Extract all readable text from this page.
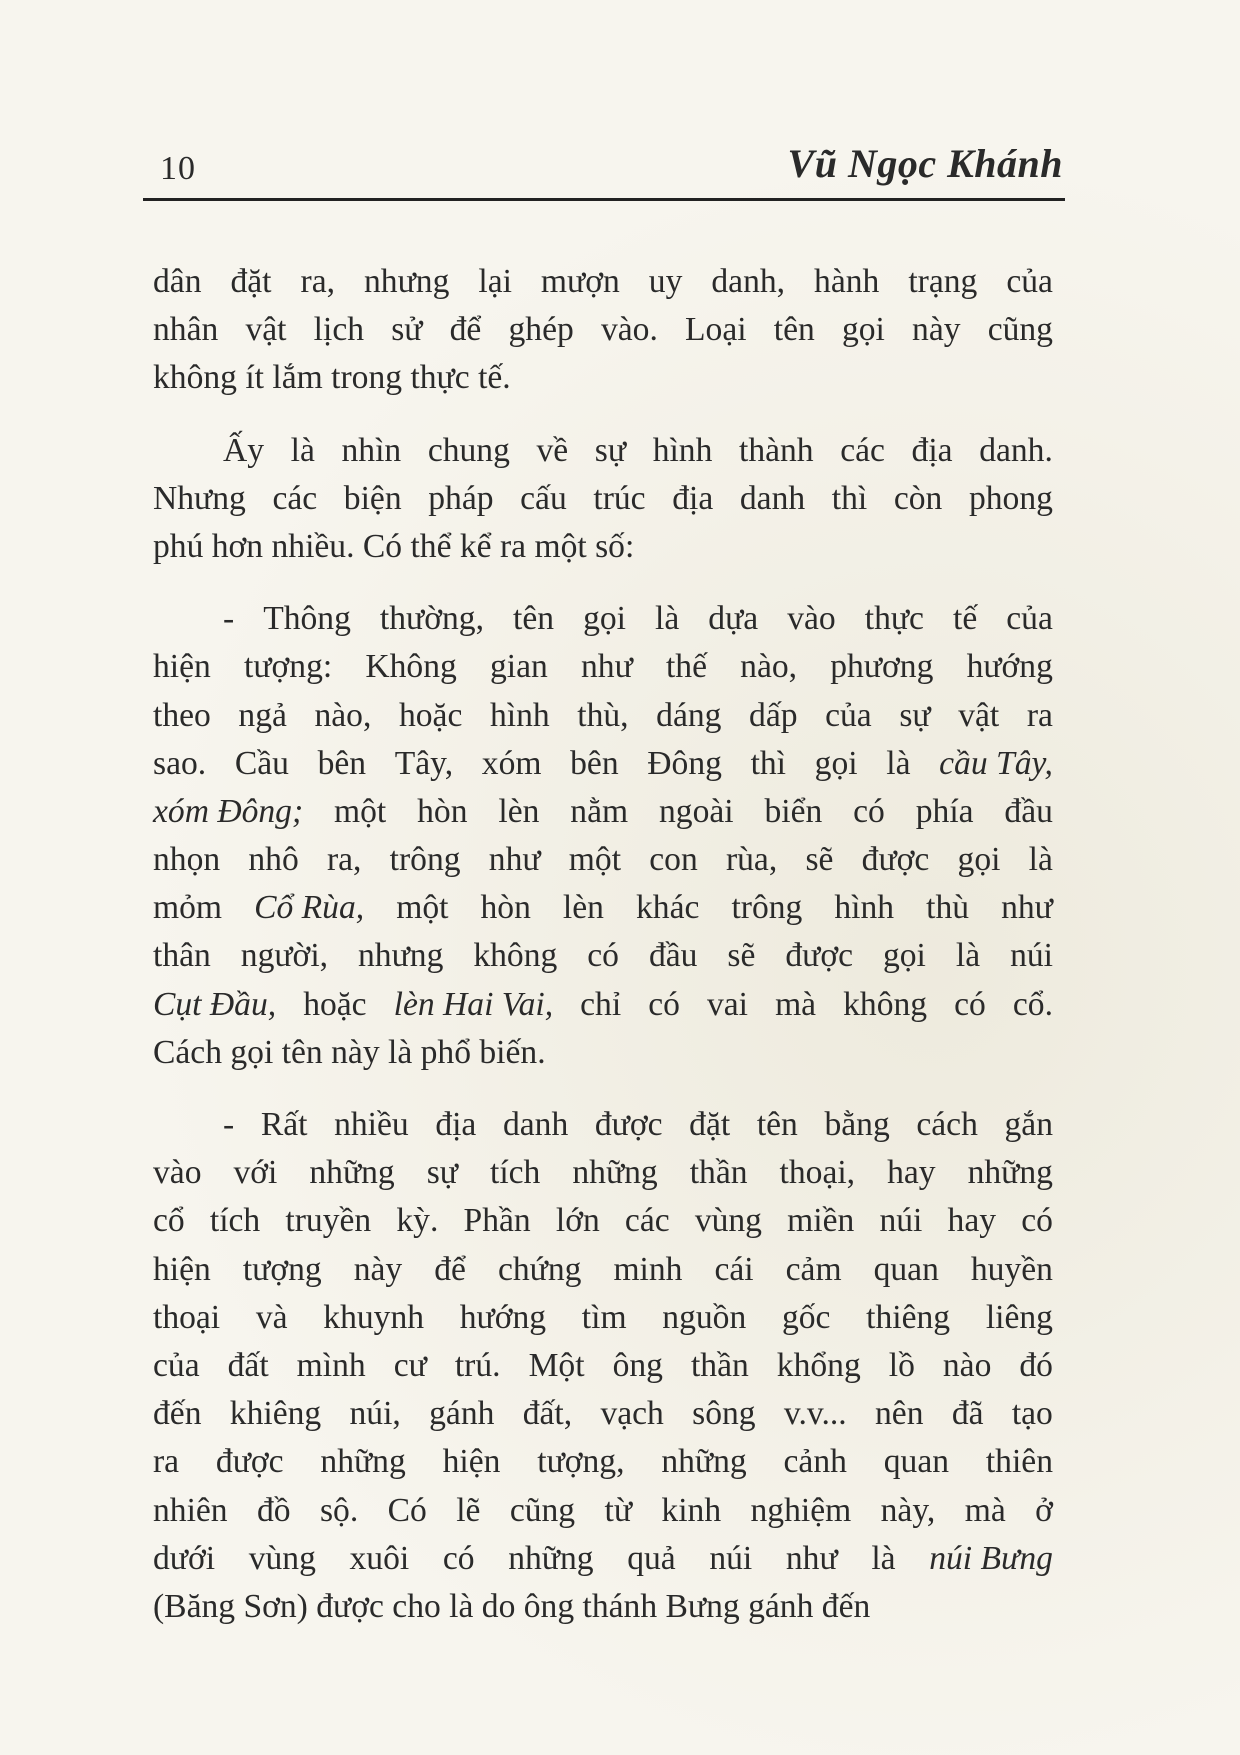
10	Vũ Ngọc Khánh
dân đặt ra, nhưng lại mượn uy danh, hành trạng của
nhân vật lịch sử để ghép vào. Loại tên gọi này cũng
không ít lắm trong thực tế.
Ấy là nhìn chung về sự hình thành các địa danh.
Nhưng các biện pháp cấu trúc địa danh thì còn phong
phú hơn nhiều. Có thể kể ra một số:
- Thông thường, tên gọi là dựa vào thực tế của
hiện tượng: Không gian như thế nào, phương hướng
theo ngả nào, hoặc hình thù, dáng dấp của sự vật ra
sao. Cầu bên Tây, xóm bên Đông thì gọi là cầu Tây,
xóm Đông; một hòn lèn nằm ngoài biển có phía đầu
nhọn nhô ra, trông như một con rùa, sẽ được gọi là
mỏm Cổ Rùa, một hòn lèn khác trông hình thù như
thân người, nhưng không có đầu sẽ được gọi là núi
Cụt Đầu, hoặc lèn Hai Vai, chỉ có vai mà không có cổ.
Cách gọi tên này là phổ biến.
- Rất nhiều địa danh được đặt tên bằng cách gắn
vào với những sự tích những thần thoại, hay những
cổ tích truyền kỳ. Phần lớn các vùng miền núi hay có
hiện tượng này để chứng minh cái cảm quan huyền
thoại và khuynh hướng tìm nguồn gốc thiêng liêng
của đất mình cư trú. Một ông thần khổng lồ nào đó
đến khiêng núi, gánh đất, vạch sông v.v... nên đã tạo
ra được những hiện tượng, những cảnh quan thiên
nhiên đồ sộ. Có lẽ cũng từ kinh nghiệm này, mà ở
dưới vùng xuôi có những quả núi như là núi Bưng
(Băng Sơn) được cho là do ông thánh Bưng gánh đến
